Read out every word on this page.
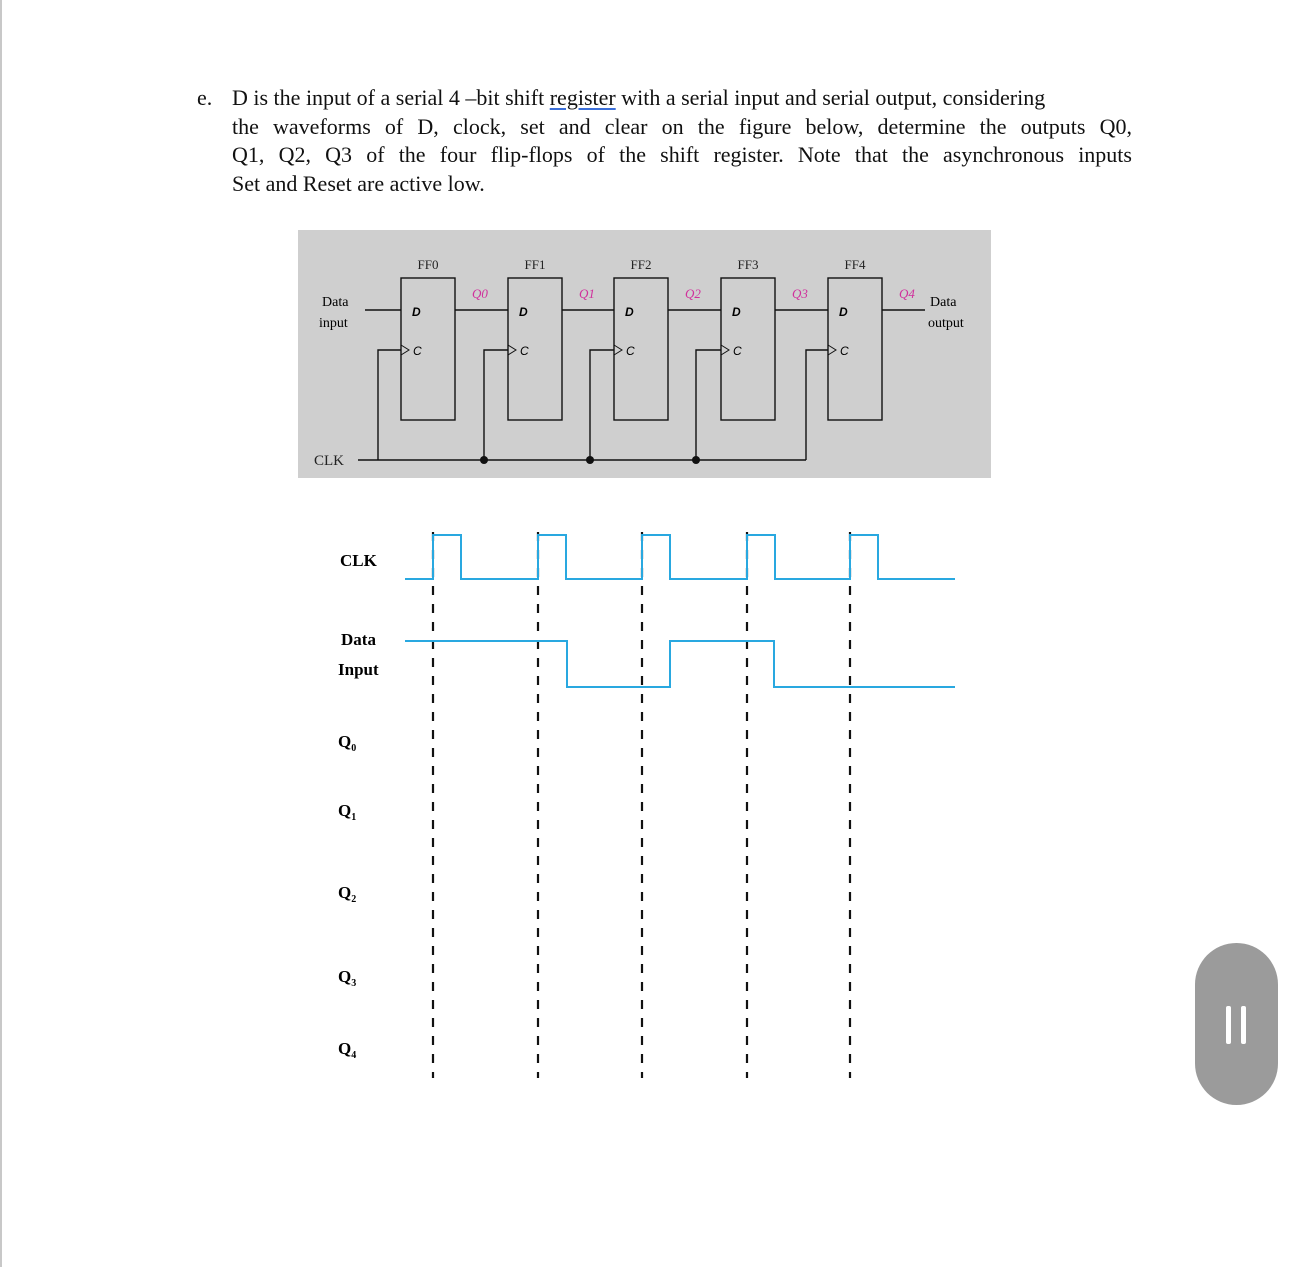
e. D is the input of a serial 4 –bit shift register with a serial input and serial output, considering
the waveforms of D, clock, set and clear on the figure below, determine the outputs Q0,
Q1, Q2, Q3 of the four flip-flops of the shift register. Note that the asynchronous inputs
Set and Reset are active low.
CLK
Data
input
Data
output
FF0
D
C
Q0
FF1
D
C
Q1
FF2
D
C
Q2
FF3
D
C
Q3
FF4
D
C
Q4
CLK
Data
Input
$Q_0$
$Q_1$
$Q_2$
$Q_3$
$Q_4$
